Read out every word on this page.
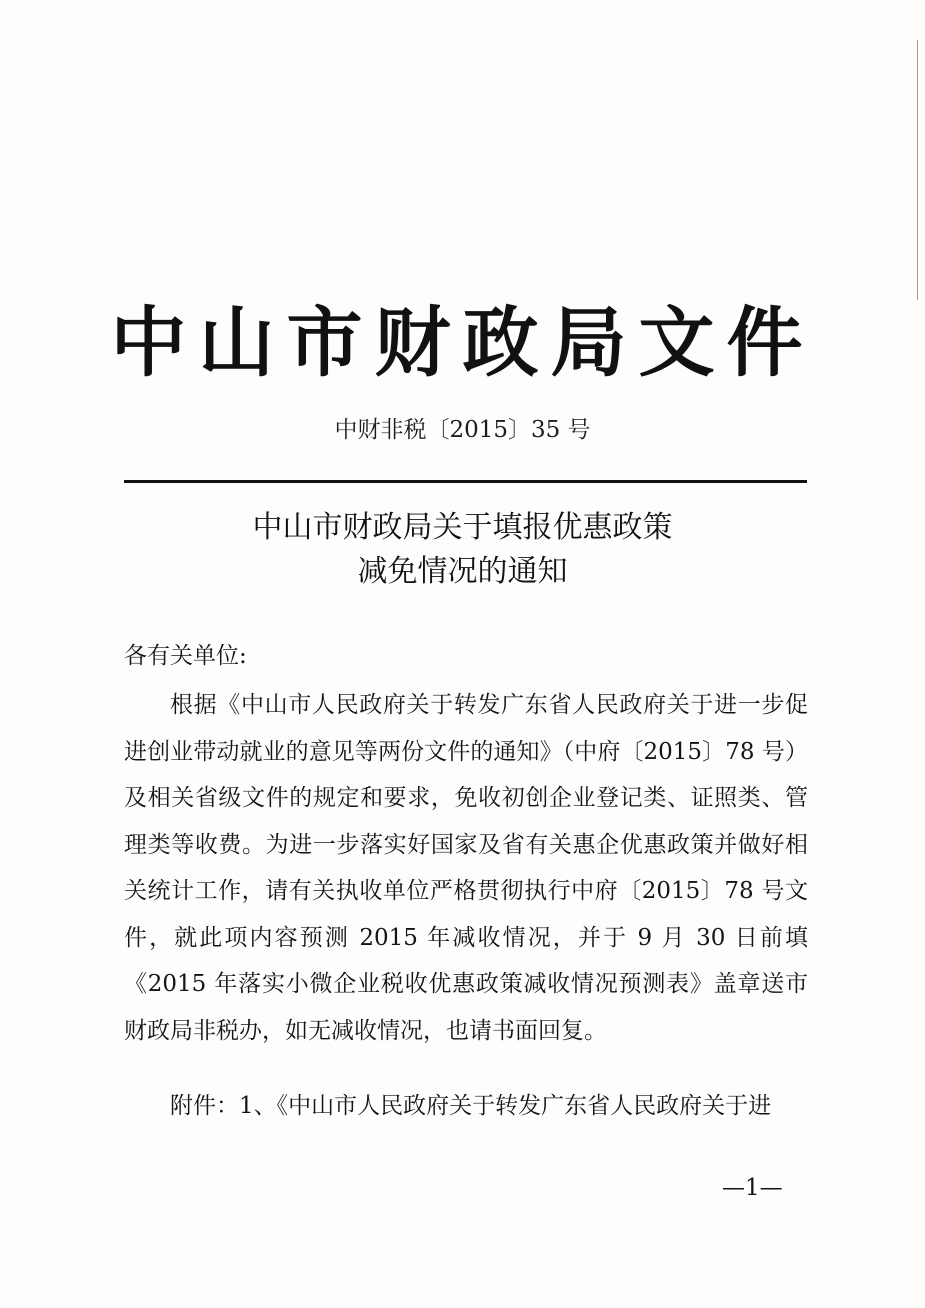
中山市财政局文件
中财非税〔2015〕35 号
中山市财政局关于填报优惠政策
减免情况的通知
各有关单位:
根据《中山市人民政府关于转发广东省人民政府关于进一步促进创业带动就业的意见等两份文件的通知》（中府〔2015〕78 号）及相关省级文件的规定和要求，免收初创企业登记类、证照类、管理类等收费。为进一步落实好国家及省有关惠企优惠政策并做好相关统计工作，请有关执收单位严格贯彻执行中府〔2015〕78 号文件，就此项内容预测 2015 年减收情况，并于 9 月 30 日前填《2015 年落实小微企业税收优惠政策减收情况预测表》盖章送市财政局非税办，如无减收情况，也请书面回复。
附件：1、《中山市人民政府关于转发广东省人民政府关于进
—1—
